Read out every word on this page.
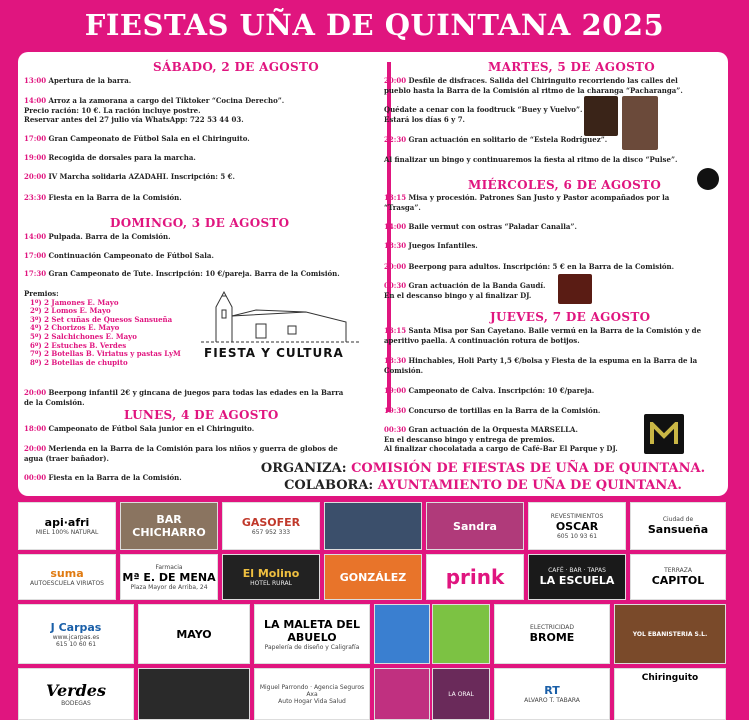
FIESTAS UÑA DE QUINTANA 2025
SÁBADO, 2 DE AGOSTO
13:00 Apertura de la barra.
14:00 Arroz a la zamorana a cargo del Tiktoker “Cocina Derecho”.
Precio ración: 10 €. La ración incluye postre.
Reservar antes del 27 julio vía WhatsApp: 722 53 44 03.
17:00 Gran Campeonato de Fútbol Sala en el Chiringuito.
19:00 Recogida de dorsales para la marcha.
20:00 IV Marcha solidaria AZADAHI. Inscripción: 5 €.
23:30 Fiesta en la Barra de la Comisión.
DOMINGO, 3 DE AGOSTO
14:00 Pulpada. Barra de la Comisión.
17:00 Continuación Campeonato de Fútbol Sala.
17:30 Gran Campeonato de Tute. Inscripción: 10 €/pareja. Barra de la Comisión.
Premios:
1º) 2 Jamones E. Mayo
2º) 2 Lomos E. Mayo
3º) 2 Set cuñas de Quesos Sansueña
4º) 2 Chorizos E. Mayo
5º) 2 Salchichones E. Mayo
6º) 2 Estuches B. Verdes
7º) 2 Botellas B. Viriatus y pastas LyM
8º) 2 Botellas de chupito
FIESTA Y CULTURA
20:00 Beerpong infantil 2€ y gincana de juegos para todas las edades en la Barra
de la Comisión.
LUNES, 4 DE AGOSTO
18:00 Campeonato de Fútbol Sala junior en el Chiringuito.
20:00 Merienda en la Barra de la Comisión para los niños y guerra de globos de
agua (traer bañador).
00:00 Fiesta en la Barra de la Comisión.
MARTES, 5 DE AGOSTO
20:00 Desfile de disfraces. Salida del Chiringuito recorriendo las calles del
pueblo hasta la Barra de la Comisión al ritmo de la charanga “Pacharanga”.
Quédate a cenar con la foodtruck “Buey y Vuelvo”.
Estará los días 6 y 7.
22:30 Gran actuación en solitario de “Estela Rodríguez”.
Al finalizar un bingo y continuaremos la fiesta al ritmo de la disco “Pulse”.
MIÉRCOLES, 6 DE AGOSTO
13:15 Misa y procesión. Patrones San Justo y Pastor acompañados por la
“Trasga”.
14:00 Baile vermut con ostras “Paladar Canalla”.
18:30 Juegos Infantiles.
20:00 Beerpong para adultos. Inscripción: 5 € en la Barra de la Comisión.
00:30 Gran actuación de la Banda Gaudí.
En el descanso bingo y al finalizar DJ.
JUEVES, 7 DE AGOSTO
13:15 Santa Misa por San Cayetano. Baile vermú en la Barra de la Comisión y de
aperitivo paella. A continuación rotura de botijos.
18:30 Hinchables, Holi Party 1,5 €/bolsa y Fiesta de la espuma en la Barra de la
Comisión.
19:00 Campeonato de Calva. Inscripción: 10 €/pareja.
19:30 Concurso de tortillas en la Barra de la Comisión.
00:30 Gran actuación de la Orquesta MARSELLA.
En el descanso bingo y entrega de premios.
Al finalizar chocolatada a cargo de Café-Bar El Parque y DJ.
ORGANIZA: COMISIÓN DE FIESTAS DE UÑA DE QUINTANA.
COLABORA: AYUNTAMIENTO DE UÑA DE QUINTANA.
api·afri
MIEL 100% NATURAL
BAR CHICHARRO
GASOFER
657 952 333	Sandra
REVESTIMIENTOS
OSCAR
605 10 93 61
Ciudad de
Sansueña
suma
AUTOESCUELA VIRIATOS
Farmacia
Mª E. DE MENA
Plaza Mayor de Arriba, 24
El Molino
HOTEL RURAL	GONZÁLEZ prink	CAFÉ · BAR · TAPAS
LA ESCUELA
TERRAZA
CAPITOL
J Carpas
www.jcarpas.es
615 10 60 61
MAYO
LA MALETA DEL ABUELO
Papelería de diseño y Caligrafía
ELECTRICIDAD
BROME	YOL EBANISTERIA S.L.
Verdes
BODEGAS
Miguel Parrondo · Agencia Seguros Axa
Auto Hogar Vida Salud
LA ORAL	RT
ALVARO T. TABARA
Chiringuito
